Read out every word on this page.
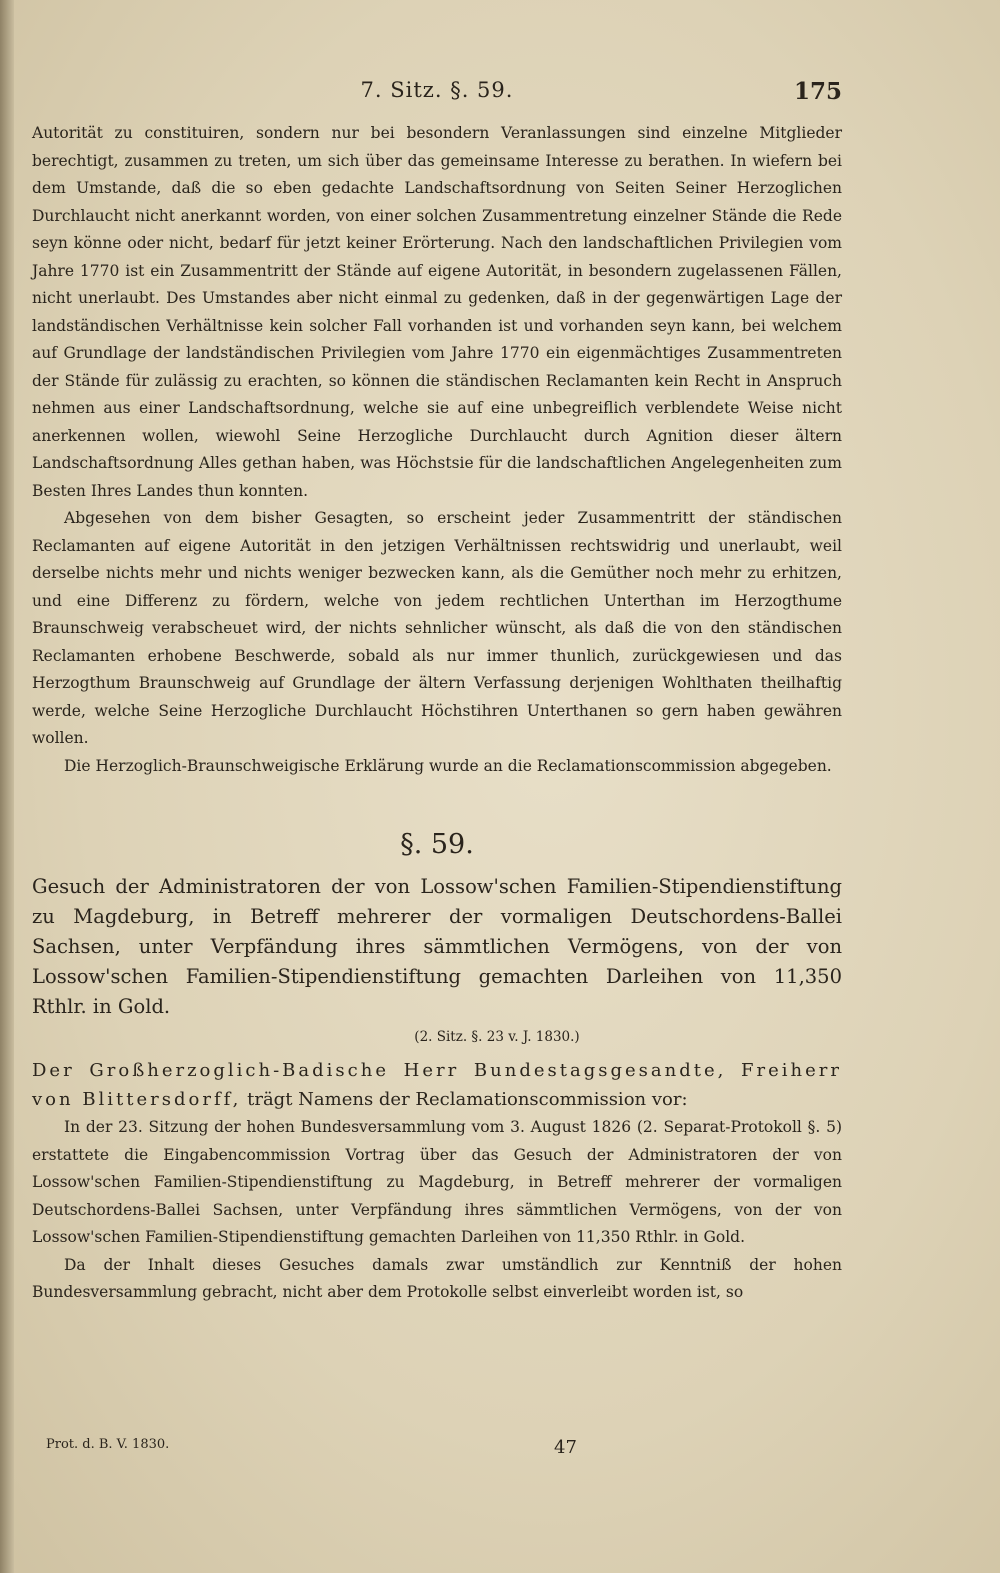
7. Sitz. §. 59.	175

Autorität zu constituiren, sondern nur bei besondern Veranlassungen sind einzelne Mitglieder berechtigt, zusammen zu treten, um sich über das gemeinsame Interesse zu berathen. In wiefern bei dem Umstande, daß die so eben gedachte Landschaftsordnung von Seiten Seiner Herzoglichen Durchlaucht nicht anerkannt worden, von einer solchen Zusammentretung einzelner Stände die Rede seyn könne oder nicht, bedarf für jetzt keiner Erörterung. Nach den landschaftlichen Privilegien vom Jahre 1770 ist ein Zusammentritt der Stände auf eigene Autorität, in besondern zugelassenen Fällen, nicht unerlaubt. Des Umstandes aber nicht einmal zu gedenken, daß in der gegenwärtigen Lage der landständischen Verhältnisse kein solcher Fall vorhanden ist und vorhanden seyn kann, bei welchem auf Grundlage der landständischen Privilegien vom Jahre 1770 ein eigenmächtiges Zusammentreten der Stände für zulässig zu erachten, so können die ständischen Reclamanten kein Recht in Anspruch nehmen aus einer Landschaftsordnung, welche sie auf eine unbegreiflich verblendete Weise nicht anerkennen wollen, wiewohl Seine Herzogliche Durchlaucht durch Agnition dieser ältern Landschaftsordnung Alles gethan haben, was Höchstsie für die landschaftlichen Angelegenheiten zum Besten Ihres Landes thun konnten.

Abgesehen von dem bisher Gesagten, so erscheint jeder Zusammentritt der ständischen Reclamanten auf eigene Autorität in den jetzigen Verhältnissen rechtswidrig und unerlaubt, weil derselbe nichts mehr und nichts weniger bezwecken kann, als die Gemüther noch mehr zu erhitzen, und eine Differenz zu fördern, welche von jedem rechtlichen Unterthan im Herzogthume Braunschweig verabscheuet wird, der nichts sehnlicher wünscht, als daß die von den ständischen Reclamanten erhobene Beschwerde, sobald als nur immer thunlich, zurückgewiesen und das Herzogthum Braunschweig auf Grundlage der ältern Verfassung derjenigen Wohlthaten theilhaftig werde, welche Seine Herzogliche Durchlaucht Höchstihren Unterthanen so gern haben gewähren wollen.

Die Herzoglich-Braunschweigische Erklärung wurde an die Reclamationscommission abgegeben.

§. 59.
Gesuch der Administratoren der von Lossow'schen Familien-Stipendienstiftung zu Magdeburg, in Betreff mehrerer der vormaligen Deutschordens-Ballei Sachsen, unter Verpfändung ihres sämmtlichen Vermögens, von der von Lossow'schen Familien-Stipendienstiftung gemachten Darleihen von 11,350 Rthlr. in Gold.
(2. Sitz. §. 23 v. J. 1830.)

Der Großherzoglich-Badische Herr Bundestagsgesandte, Freiherr von Blittersdorff, trägt Namens der Reclamationscommission vor:

In der 23. Sitzung der hohen Bundesversammlung vom 3. August 1826 (2. Separat-Protokoll §. 5) erstattete die Eingabencommission Vortrag über das Gesuch der Administratoren der von Lossow'schen Familien-Stipendienstiftung zu Magdeburg, in Betreff mehrerer der vormaligen Deutschordens-Ballei Sachsen, unter Verpfändung ihres sämmtlichen Vermögens, von der von Lossow'schen Familien-Stipendienstiftung gemachten Darleihen von 11,350 Rthlr. in Gold.

Da der Inhalt dieses Gesuches damals zwar umständlich zur Kenntniß der hohen Bundesversammlung gebracht, nicht aber dem Protokolle selbst einverleibt worden ist, so

Prot. d. B. V. 1830.	47
